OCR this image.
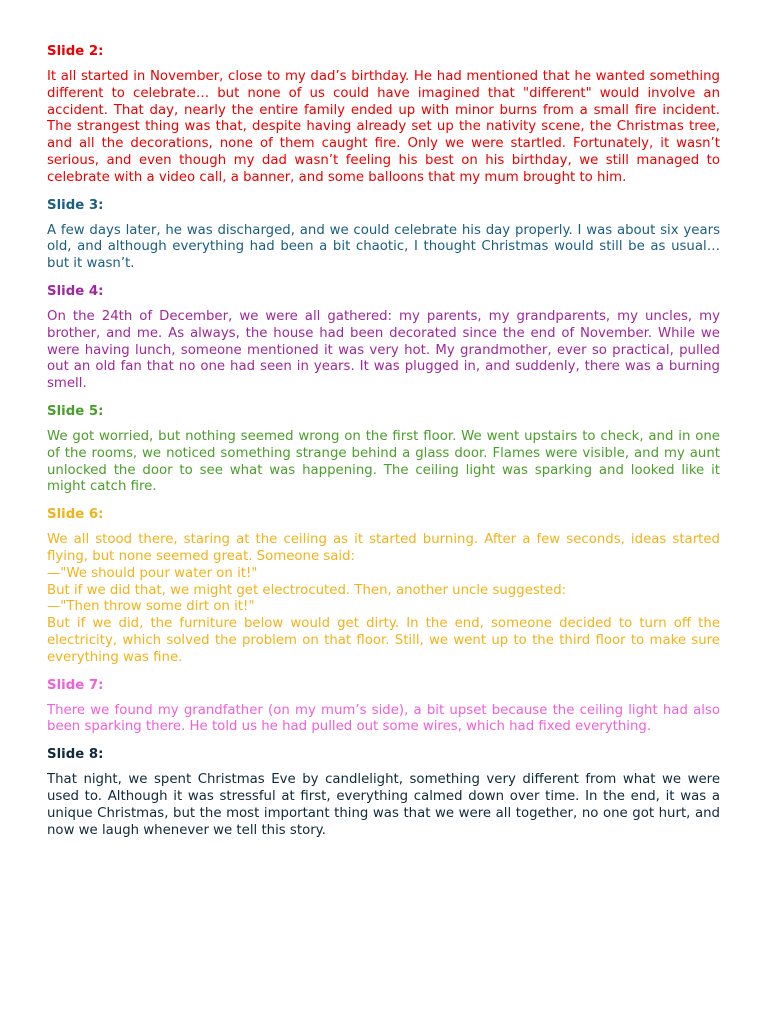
Slide 2:

It all started in November, close to my dad’s birthday. He had mentioned that he wanted something different to celebrate… but none of us could have imagined that "different" would involve an accident. That day, nearly the entire family ended up with minor burns from a small fire incident. The strangest thing was that, despite having already set up the nativity scene, the Christmas tree, and all the decorations, none of them caught fire. Only we were startled. Fortunately, it wasn’t serious, and even though my dad wasn’t feeling his best on his birthday, we still managed to celebrate with a video call, a banner, and some balloons that my mum brought to him.

Slide 3:

A few days later, he was discharged, and we could celebrate his day properly. I was about six years old, and although everything had been a bit chaotic, I thought Christmas would still be as usual… but it wasn’t.

Slide 4:

On the 24th of December, we were all gathered: my parents, my grandparents, my uncles, my brother, and me. As always, the house had been decorated since the end of November. While we were having lunch, someone mentioned it was very hot. My grandmother, ever so practical, pulled out an old fan that no one had seen in years. It was plugged in, and suddenly, there was a burning smell.

Slide 5:

We got worried, but nothing seemed wrong on the first floor. We went upstairs to check, and in one of the rooms, we noticed something strange behind a glass door. Flames were visible, and my aunt unlocked the door to see what was happening. The ceiling light was sparking and looked like it might catch fire.

Slide 6:

We all stood there, staring at the ceiling as it started burning. After a few seconds, ideas started flying, but none seemed great. Someone said:
—"We should pour water on it!"
But if we did that, we might get electrocuted. Then, another uncle suggested:
—"Then throw some dirt on it!"
But if we did, the furniture below would get dirty. In the end, someone decided to turn off the electricity, which solved the problem on that floor. Still, we went up to the third floor to make sure everything was fine.

Slide 7:

There we found my grandfather (on my mum’s side), a bit upset because the ceiling light had also been sparking there. He told us he had pulled out some wires, which had fixed everything.

Slide 8:

That night, we spent Christmas Eve by candlelight, something very different from what we were used to. Although it was stressful at first, everything calmed down over time. In the end, it was a unique Christmas, but the most important thing was that we were all together, no one got hurt, and now we laugh whenever we tell this story.
